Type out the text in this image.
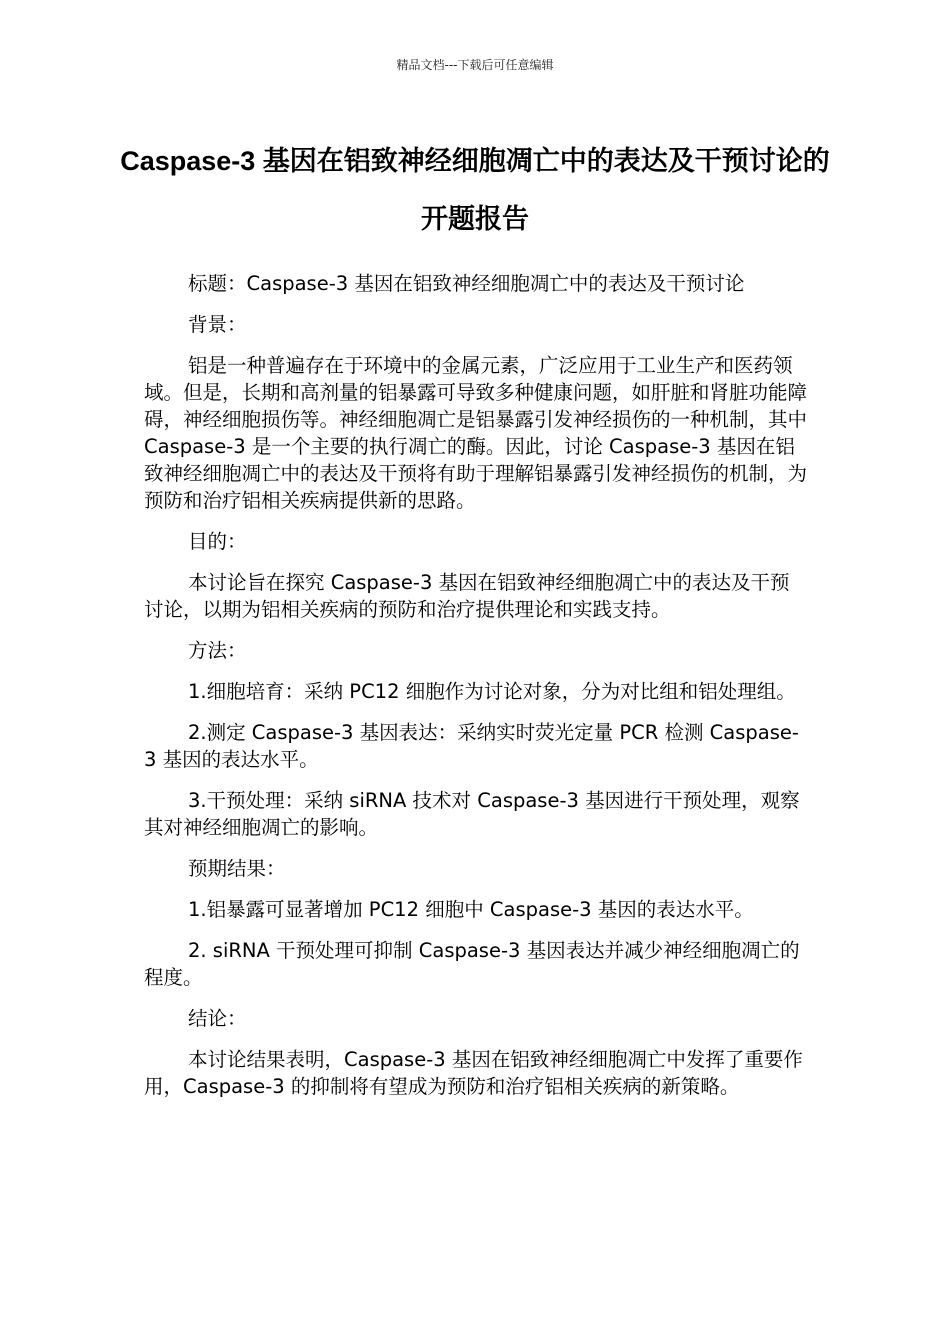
精品文档---下载后可任意编辑
Caspase-3 基因在铝致神经细胞凋亡中的表达及干预讨论的开题报告

标题：Caspase-3 基因在铝致神经细胞凋亡中的表达及干预讨论

背景：

铝是一种普遍存在于环境中的金属元素，广泛应用于工业生产和医药领域。但是，长期和高剂量的铝暴露可导致多种健康问题，如肝脏和肾脏功能障碍，神经细胞损伤等。神经细胞凋亡是铝暴露引发神经损伤的一种机制，其中 Caspase-3 是一个主要的执行凋亡的酶。因此，讨论 Caspase-3 基因在铝致神经细胞凋亡中的表达及干预将有助于理解铝暴露引发神经损伤的机制，为预防和治疗铝相关疾病提供新的思路。

目的：

本讨论旨在探究 Caspase-3 基因在铝致神经细胞凋亡中的表达及干预讨论，以期为铝相关疾病的预防和治疗提供理论和实践支持。

方法：

1.细胞培育：采纳 PC12 细胞作为讨论对象，分为对比组和铝处理组。

2.测定 Caspase-3 基因表达：采纳实时荧光定量 PCR 检测 Caspase-3 基因的表达水平。

3.干预处理：采纳 siRNA 技术对 Caspase-3 基因进行干预处理，观察其对神经细胞凋亡的影响。

预期结果：

1.铝暴露可显著增加 PC12 细胞中 Caspase-3 基因的表达水平。

2. siRNA 干预处理可抑制 Caspase-3 基因表达并减少神经细胞凋亡的程度。

结论：

本讨论结果表明，Caspase-3 基因在铝致神经细胞凋亡中发挥了重要作用，Caspase-3 的抑制将有望成为预防和治疗铝相关疾病的新策略。
